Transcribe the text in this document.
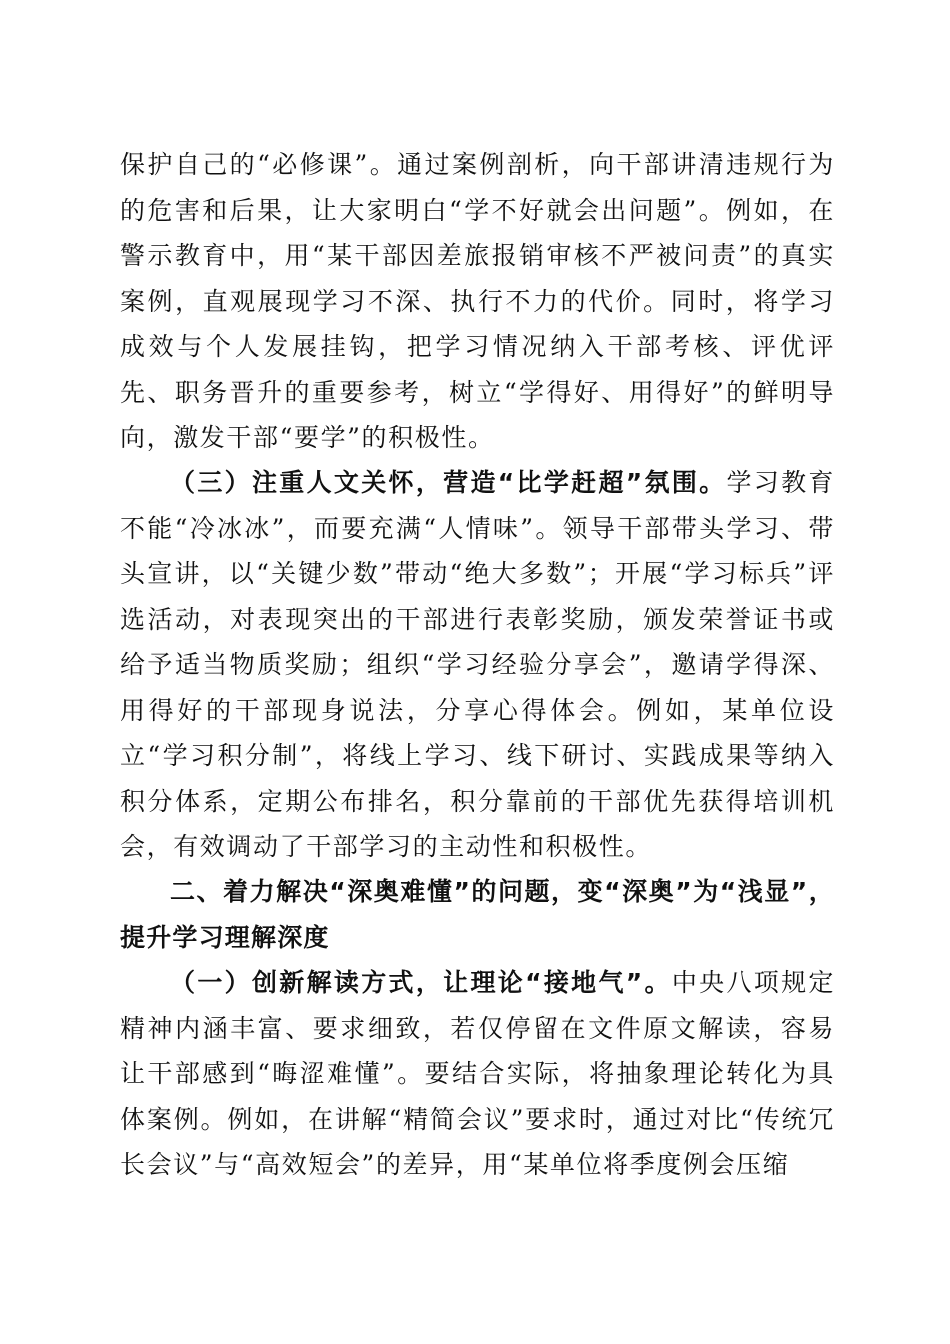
保护自己的“必修课”。通过案例剖析，向干部讲清违规行为的危害和后果，让大家明白“学不好就会出问题”。例如，在警示教育中，用“某干部因差旅报销审核不严被问责”的真实案例，直观展现学习不深、执行不力的代价。同时，将学习成效与个人发展挂钩，把学习情况纳入干部考核、评优评先、职务晋升的重要参考，树立“学得好、用得好”的鲜明导向，激发干部“要学”的积极性。

（三）注重人文关怀，营造“比学赶超”氛围。学习教育不能“冷冰冰”，而要充满“人情味”。领导干部带头学习、带头宣讲，以“关键少数”带动“绝大多数”；开展“学习标兵”评选活动，对表现突出的干部进行表彰奖励，颁发荣誉证书或给予适当物质奖励；组织“学习经验分享会”，邀请学得深、用得好的干部现身说法，分享心得体会。例如，某单位设立“学习积分制”，将线上学习、线下研讨、实践成果等纳入积分体系，定期公布排名，积分靠前的干部优先获得培训机会，有效调动了干部学习的主动性和积极性。

二、着力解决“深奥难懂”的问题，变“深奥”为“浅显”，提升学习理解深度

（一）创新解读方式，让理论“接地气”。中央八项规定精神内涵丰富、要求细致，若仅停留在文件原文解读，容易让干部感到“晦涩难懂”。要结合实际，将抽象理论转化为具体案例。例如，在讲解“精简会议”要求时，通过对比“传统冗长会议”与“高效短会”的差异，用“某单位将季度例会压缩
